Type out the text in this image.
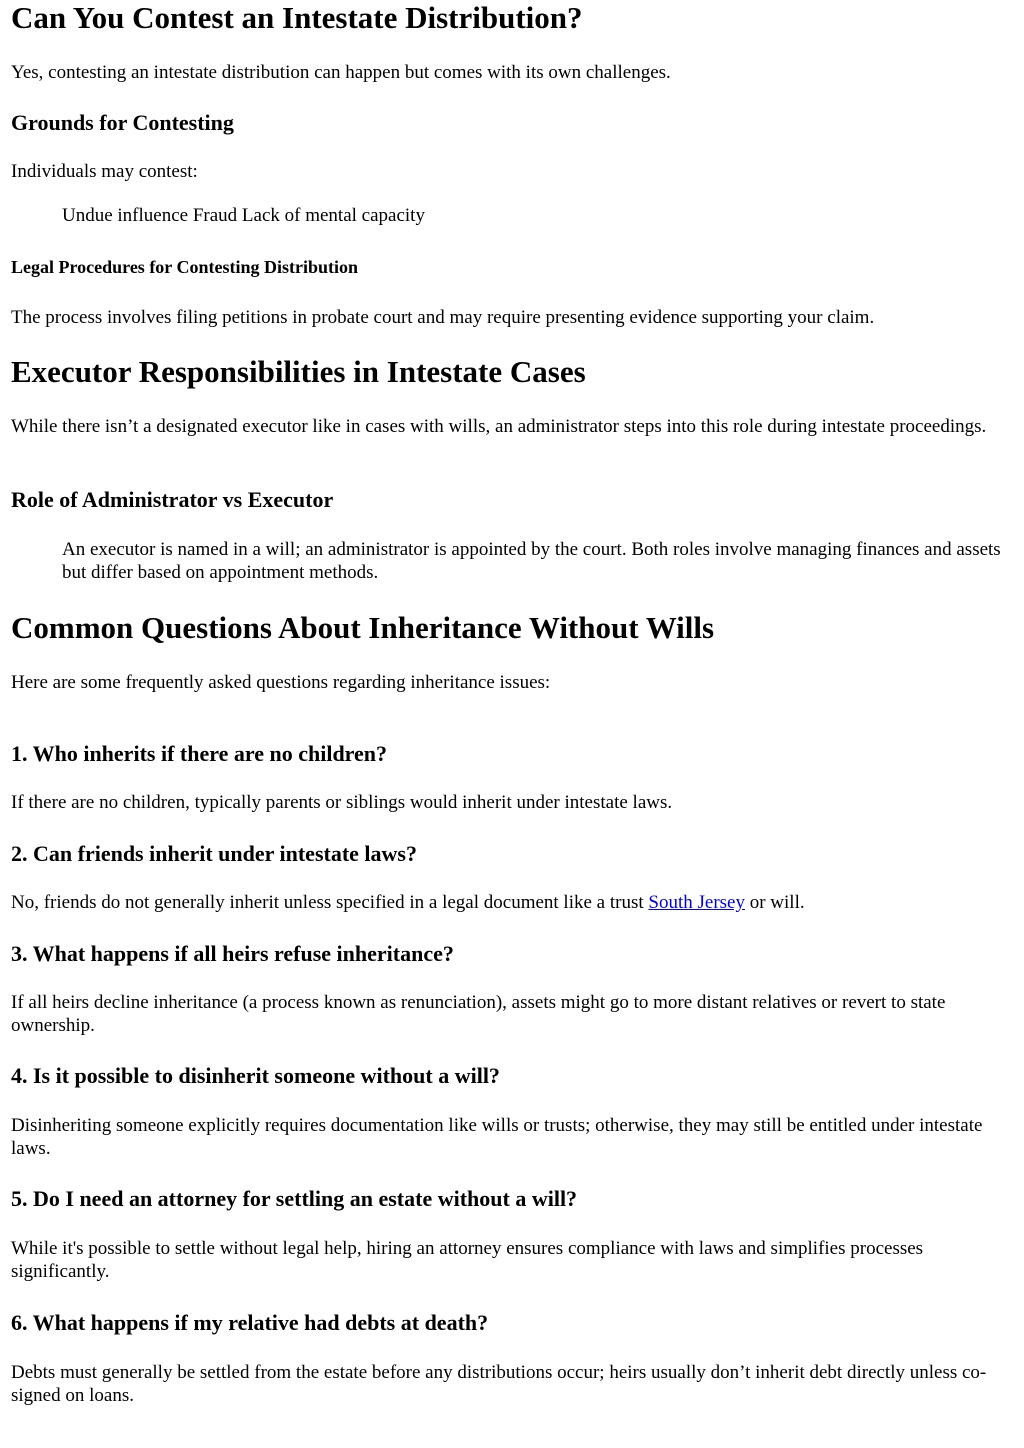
Can You Contest an Intestate Distribution?

Yes, contesting an intestate distribution can happen but comes with its own challenges.

Grounds for Contesting

Individuals may contest:

Undue influence Fraud Lack of mental capacity

Legal Procedures for Contesting Distribution

The process involves filing petitions in probate court and may require presenting evidence supporting your claim.

Executor Responsibilities in Intestate Cases

While there isn’t a designated executor like in cases with wills, an administrator steps into this role during intestate proceedings.

Role of Administrator vs Executor

An executor is named in a will; an administrator is appointed by the court. Both roles involve managing finances and assets but differ based on appointment methods.

Common Questions About Inheritance Without Wills

Here are some frequently asked questions regarding inheritance issues:

1. Who inherits if there are no children?

If there are no children, typically parents or siblings would inherit under intestate laws.

2. Can friends inherit under intestate laws?

No, friends do not generally inherit unless specified in a legal document like a trust South Jersey or will.

3. What happens if all heirs refuse inheritance?

If all heirs decline inheritance (a process known as renunciation), assets might go to more distant relatives or revert to state ownership.

4. Is it possible to disinherit someone without a will?

Disinheriting someone explicitly requires documentation like wills or trusts; otherwise, they may still be entitled under intestate laws.

5. Do I need an attorney for settling an estate without a will?

While it's possible to settle without legal help, hiring an attorney ensures compliance with laws and simplifies processes significantly.

6. What happens if my relative had debts at death?

Debts must generally be settled from the estate before any distributions occur; heirs usually don’t inherit debt directly unless co-signed on loans.
